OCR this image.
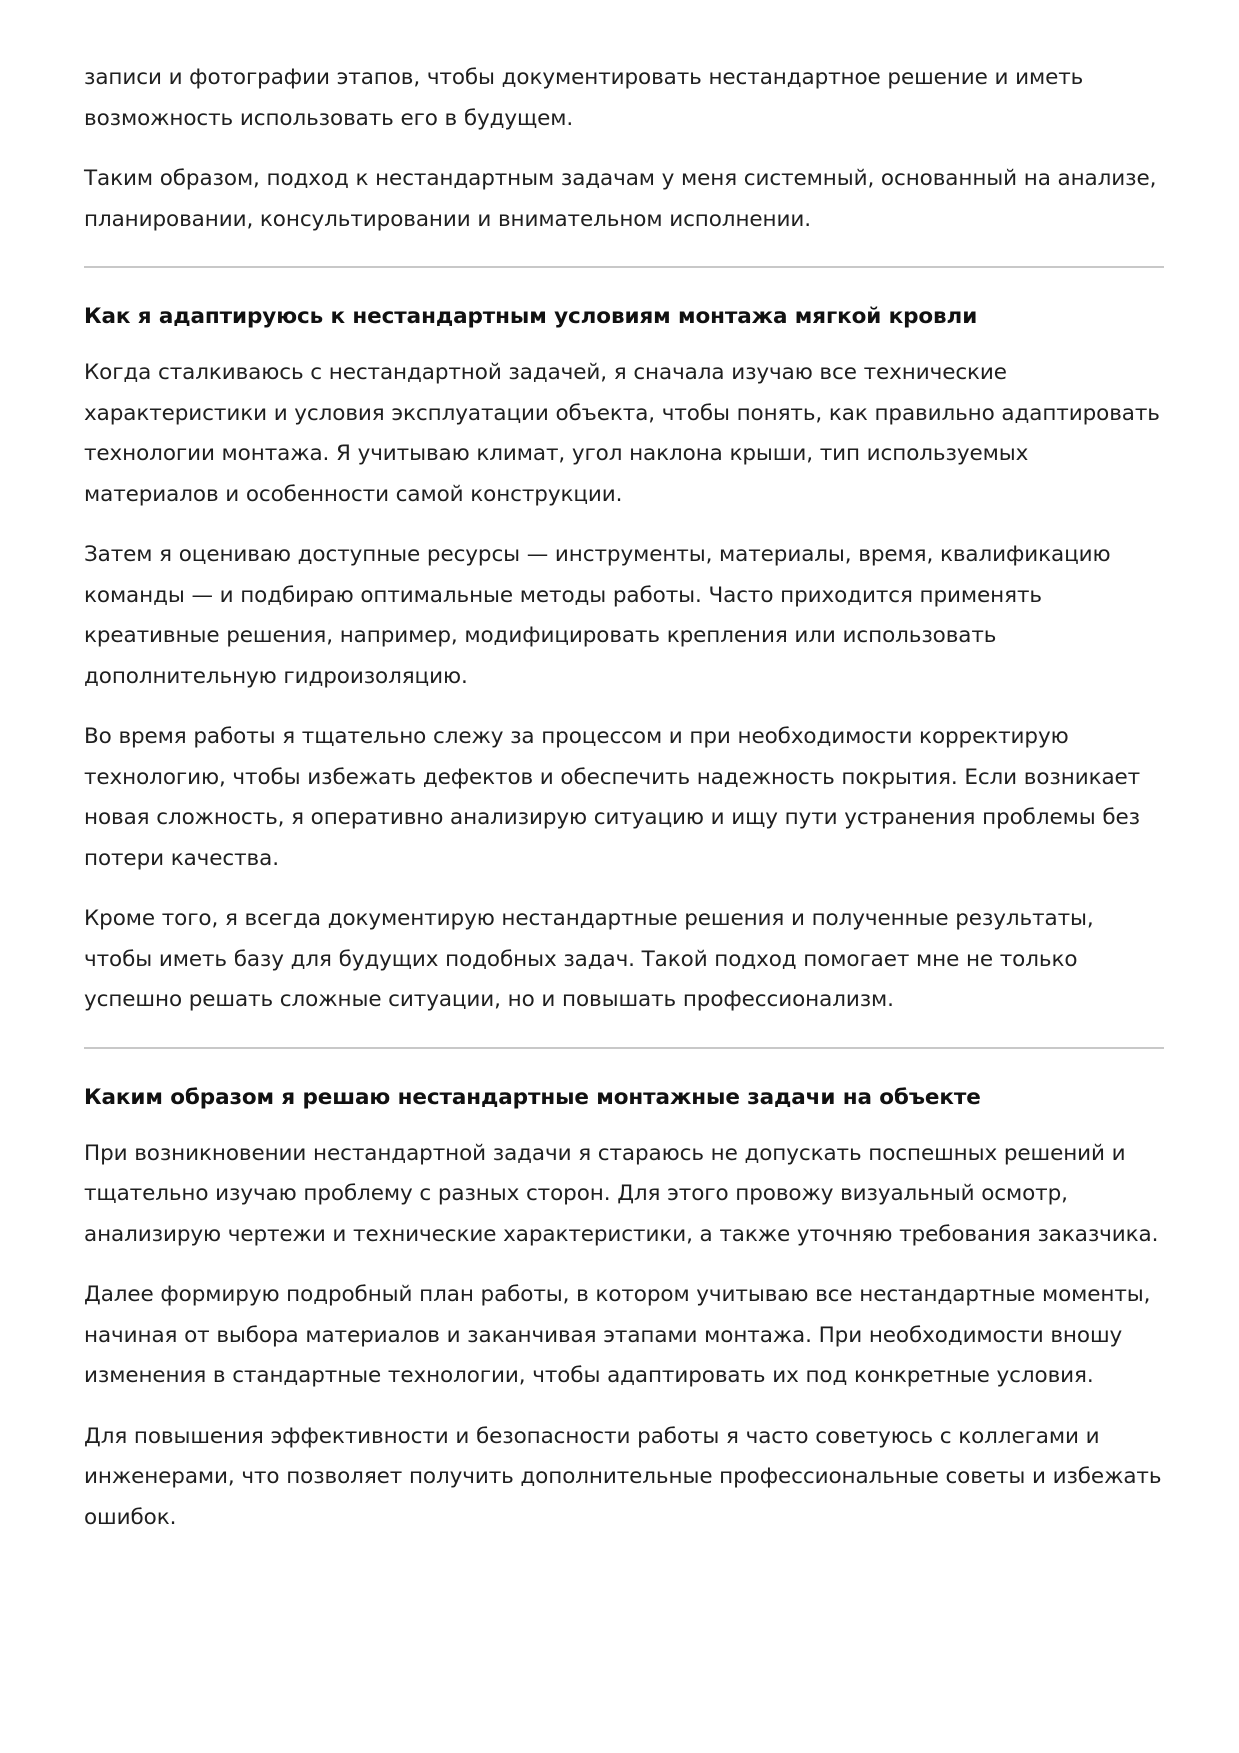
записи и фотографии этапов, чтобы документировать нестандартное решение и иметь возможность использовать его в будущем.

Таким образом, подход к нестандартным задачам у меня системный, основанный на анализе, планировании, консультировании и внимательном исполнении.

Как я адаптируюсь к нестандартным условиям монтажа мягкой кровли

Когда сталкиваюсь с нестандартной задачей, я сначала изучаю все технические характеристики и условия эксплуатации объекта, чтобы понять, как правильно адаптировать технологии монтажа. Я учитываю климат, угол наклона крыши, тип используемых материалов и особенности самой конструкции.

Затем я оцениваю доступные ресурсы — инструменты, материалы, время, квалификацию команды — и подбираю оптимальные методы работы. Часто приходится применять креативные решения, например, модифицировать крепления или использовать дополнительную гидроизоляцию.

Во время работы я тщательно слежу за процессом и при необходимости корректирую технологию, чтобы избежать дефектов и обеспечить надежность покрытия. Если возникает новая сложность, я оперативно анализирую ситуацию и ищу пути устранения проблемы без потери качества.

Кроме того, я всегда документирую нестандартные решения и полученные результаты, чтобы иметь базу для будущих подобных задач. Такой подход помогает мне не только успешно решать сложные ситуации, но и повышать профессионализм.

Каким образом я решаю нестандартные монтажные задачи на объекте

При возникновении нестандартной задачи я стараюсь не допускать поспешных решений и тщательно изучаю проблему с разных сторон. Для этого провожу визуальный осмотр, анализирую чертежи и технические характеристики, а также уточняю требования заказчика.

Далее формирую подробный план работы, в котором учитываю все нестандартные моменты, начиная от выбора материалов и заканчивая этапами монтажа. При необходимости вношу изменения в стандартные технологии, чтобы адаптировать их под конкретные условия.

Для повышения эффективности и безопасности работы я часто советуюсь с коллегами и инженерами, что позволяет получить дополнительные профессиональные советы и избежать ошибок.
